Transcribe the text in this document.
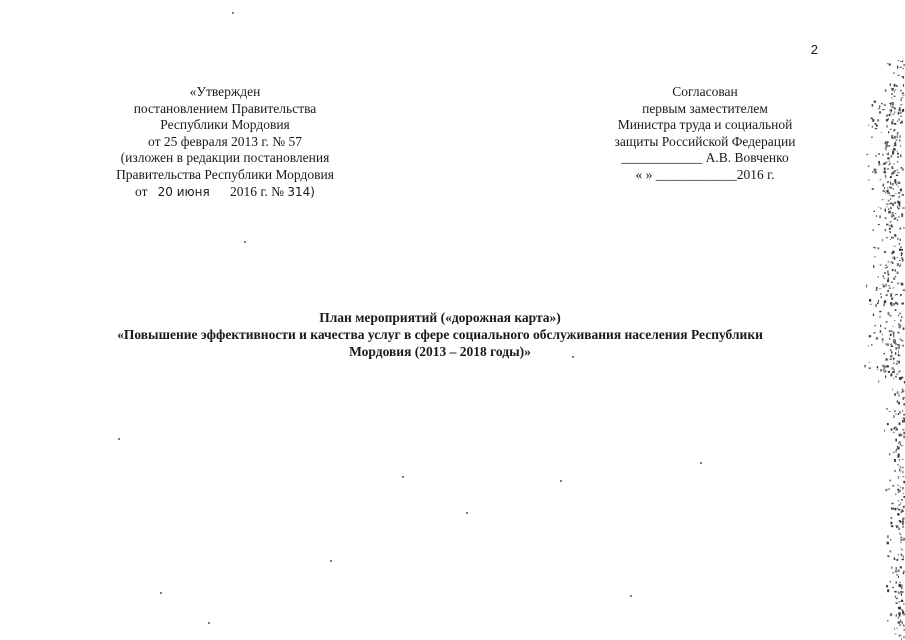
2
«Утвержден
постановлением Правительства
Республики Мордовия
от 25 февраля 2013 г. № 57
(изложен в редакции постановления
Правительства Республики Мордовия
от 20 июня 2016 г. № 314)
Согласован
первым заместителем
Министра труда и социальной
защиты Российской Федерации
____________ А.В. Вовченко
« » ____________2016 г.
План мероприятий («дорожная карта»)
«Повышение эффективности и качества услуг в сфере социального обслуживания населения Республики
Мордовия (2013 – 2018 годы)»
